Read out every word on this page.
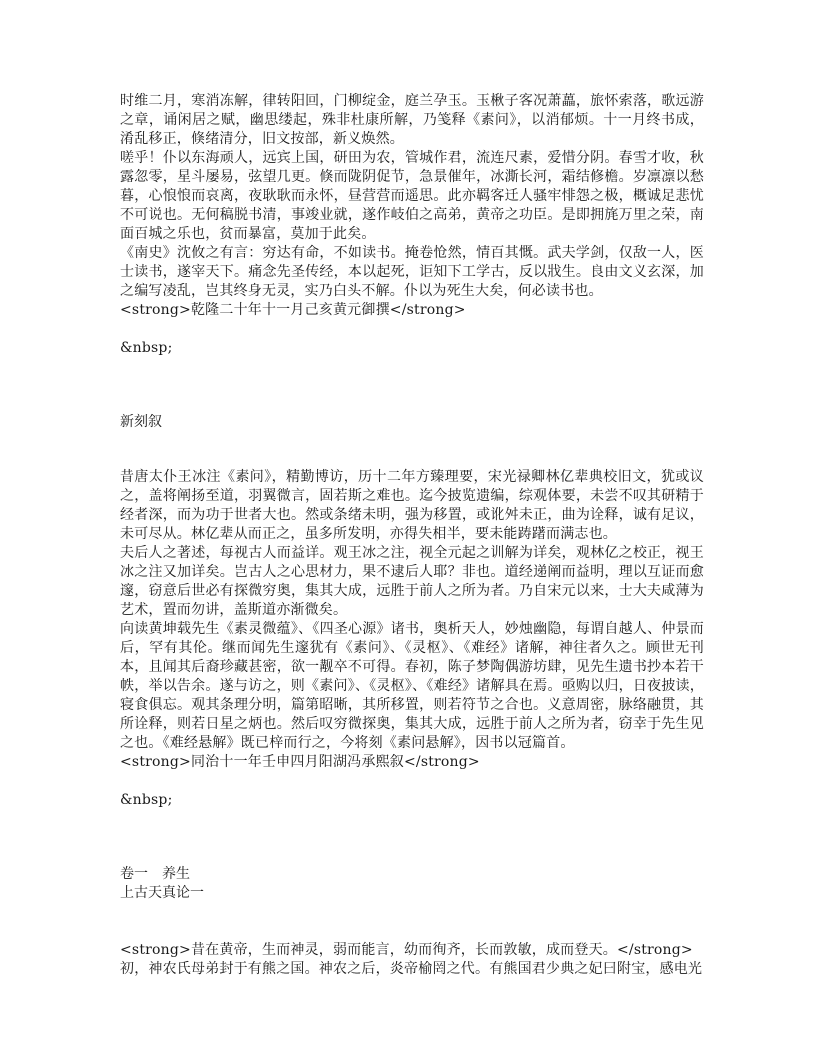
时维二月，寒消冻解，律转阳回，门柳绽金，庭兰孕玉。玉楸子客况萧藟，旅怀索落，歌远游之章，诵闲居之赋，幽思缕起，殊非杜康所解，乃笺释《素问》，以消郁烦。十一月终书成，淆乱移正，倏绪清分，旧文按部，新义焕然。

嗟乎！仆以东海顽人，远宾上国，研田为农，管城作君，流连尺素，爱惜分阴。春雪才收，秋露忽零，星斗屡易，弦望几更。倏而陇阴促节，急景催年，冰澌长河，霜结修檐。岁凛凛以愁暮，心悢悢而哀离，夜耿耿而永怀，昼营营而遥思。此亦羁客迁人骚牢悱怨之极，概诚足悲忧不可说也。无何稿脱书清，事竣业就，遂作岐伯之高弟，黄帝之功臣。是即拥旄万里之荣，南面百城之乐也，贫而暴富，莫加于此矣。

《南史》沈攸之有言：穷达有命，不如读书。掩卷怆然，情百其慨。武夫学剑，仅敌一人，医士读书，遂宰天下。痛念先圣传经，本以起死，讵知下工学古，反以戕生。良由文义玄深，加之编写凌乱，岂其终身无灵，实乃白头不解。仆以为死生大矣，何必读书也。

<strong>乾隆二十年十一月己亥黄元御撰</strong>

&nbsp;

新刻叙

昔唐太仆王冰注《素问》，精勤博访，历十二年方臻理要，宋光禄卿林亿辈典校旧文，犹或议之，盖将阐扬至道，羽翼微言，固若斯之难也。迄今披览遗编，综观体要，未尝不叹其研精于经者深，而为功于世者大也。然或条绪未明，强为移置，或讹舛未正，曲为诠释，诚有足议，未可尽从。林亿辈从而正之，虽多所发明，亦得失相半，要未能踌躇而满志也。

夫后人之著述，每视古人而益详。观王冰之注，视全元起之训解为详矣，观林亿之校正，视王冰之注又加详矣。岂古人之心思材力，果不逮后人耶？非也。道经递阐而益明，理以互证而愈邃，窃意后世必有探微穷奥，集其大成，远胜于前人之所为者。乃自宋元以来，士大夫咸薄为艺术，置而勿讲，盖斯道亦渐微矣。

向读黄坤载先生《素灵微蕴》、《四圣心源》诸书，奥析天人，妙烛幽隐，每谓自越人、仲景而后，罕有其伦。继而闻先生邃犹有《素问》、《灵枢》、《难经》诸解，神往者久之。顾世无刊本，且闻其后裔珍藏甚密，欲一觏卒不可得。春初，陈子梦陶偶游坊肆，见先生遗书抄本若干帙，举以告余。遂与访之，则《素问》、《灵枢》、《难经》诸解具在焉。亟购以归，日夜披读，寝食俱忘。观其条理分明，篇第昭晰，其所移置，则若符节之合也。义意周密，脉络融贯，其所诠释，则若日星之炳也。然后叹穷微探奥，集其大成，远胜于前人之所为者，窃幸于先生见之也。《难经悬解》既已梓而行之，今将刻《素问悬解》，因书以冠篇首。

<strong>同治十一年壬申四月阳湖冯承熙叙</strong>

&nbsp;

卷一　养生

上古天真论一

<strong>昔在黄帝，生而神灵，弱而能言，幼而徇齐，长而敦敏，成而登天。</strong>

初，神农氏母弟封于有熊之国。神农之后，炎帝榆罔之代。有熊国君少典之妃曰附宝，感电光
